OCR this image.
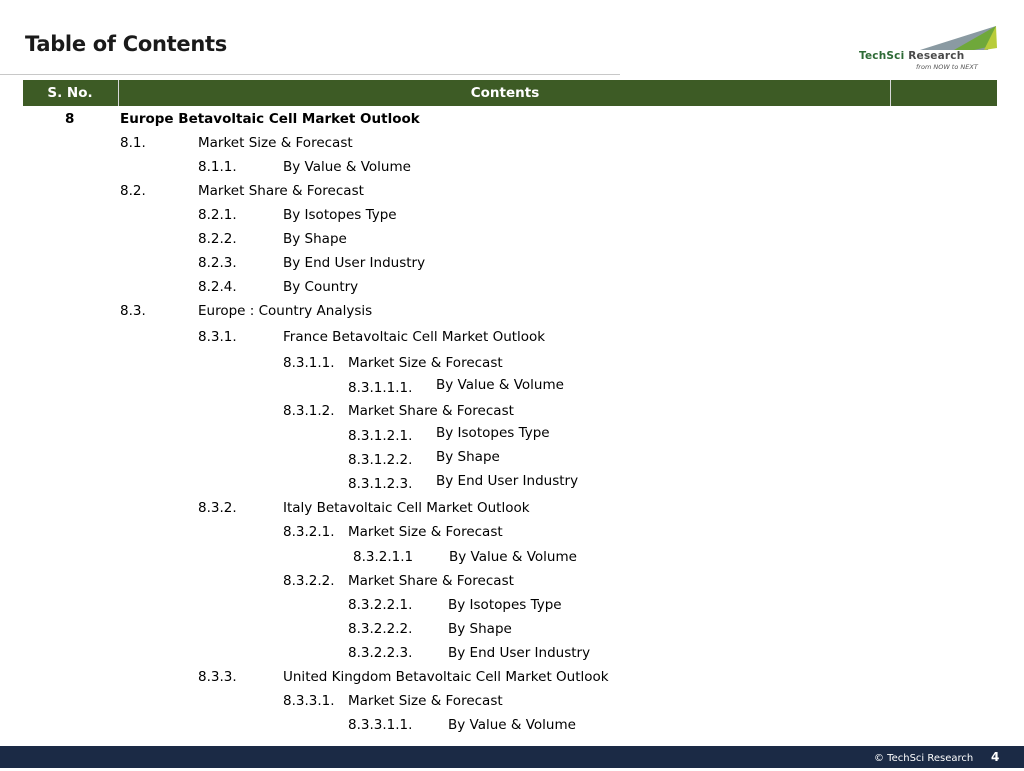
Table of Contents	TechSci Research
from NOW to NEXT
S. No.	Contents
8	Europe Betavoltaic Cell Market Outlook
8.1.	Market Size & Forecast
8.1.1.	By Value & Volume
8.2.	Market Share & Forecast
8.2.1.	By Isotopes Type
8.2.2.	By Shape
8.2.3.	By End User Industry
8.2.4.	By Country
8.3.	Europe : Country Analysis
8.3.1.	France Betavoltaic Cell Market Outlook
8.3.1.1. Market Size & Forecast
8.3.1.1.1. By Value & Volume
8.3.1.2. Market Share & Forecast
8.3.1.2.1. By Isotopes Type
8.3.1.2.2. By Shape
8.3.1.2.3. By End User Industry
8.3.2.	Italy Betavoltaic Cell Market Outlook
8.3.2.1. Market Size & Forecast
8.3.2.1.1	By Value & Volume
8.3.2.2. Market Share & Forecast
8.3.2.2.1.	By Isotopes Type
8.3.2.2.2.	By Shape
8.3.2.2.3.	By End User Industry
8.3.3.	United Kingdom Betavoltaic Cell Market Outlook
8.3.3.1. Market Size & Forecast
8.3.3.1.1.	By Value & Volume
© TechSci Research 4
